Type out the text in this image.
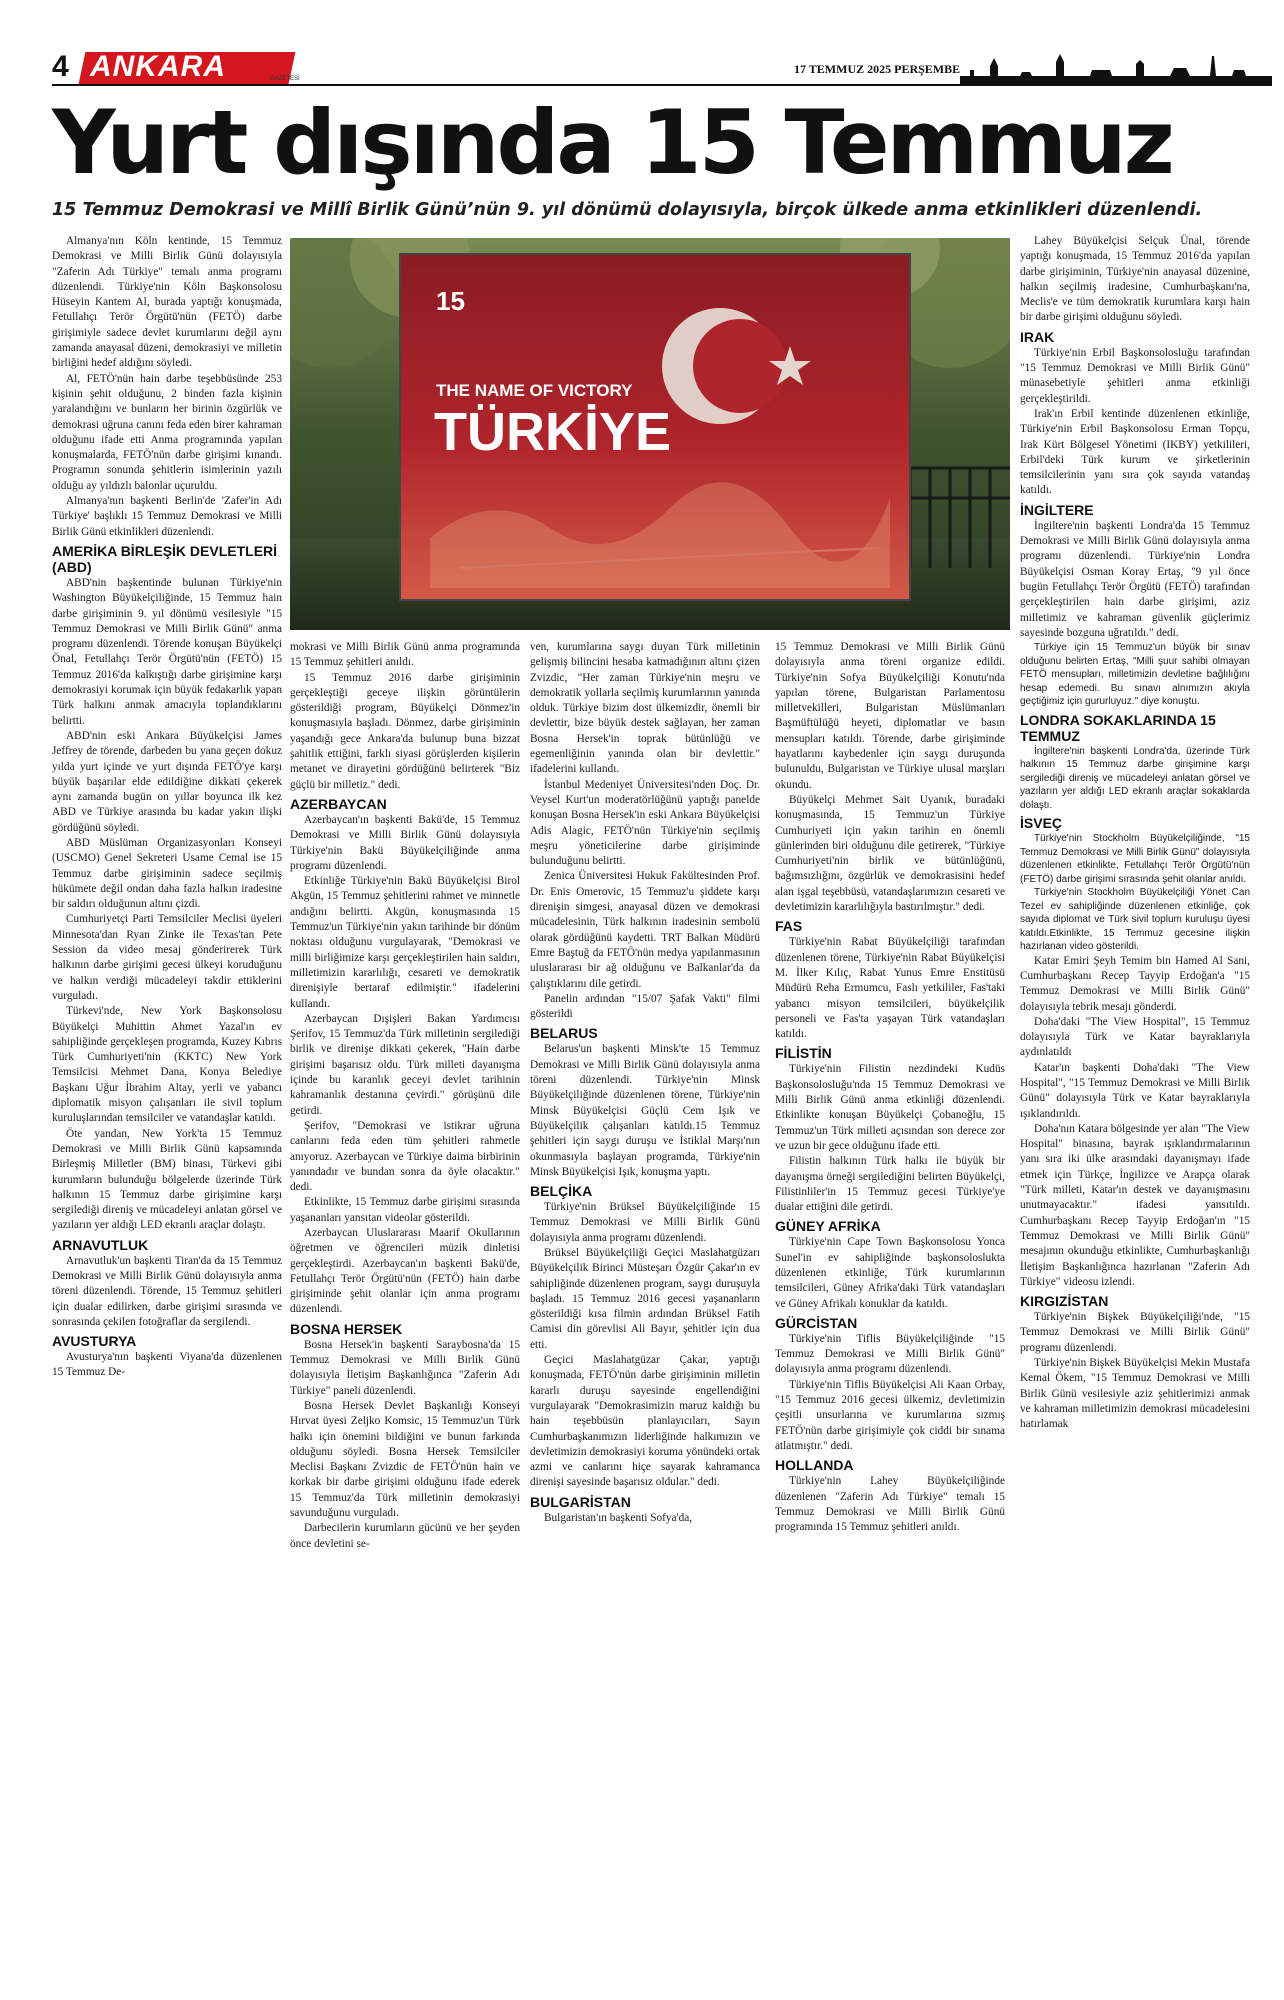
4 ANKARA	GAZETESİ
17 TEMMUZ 2025 PERŞEMBE
Yurt dışında 15 Temmuz
15 Temmuz Demokrasi ve Millî Birlik Günü’nün 9. yıl dönümü dolayısıyla, birçok ülkede anma etkinlikleri düzenlendi.
15
THE NAME OF VICTORY
TÜRKİYE

Almanya'nın Köln kentinde, 15 Temmuz Demokrasi ve Milli Birlik Günü dolayısıyla "Zaferin Adı Türkiye" temalı anma programı düzenlendi. Türkiye'nin Köln Başkonsolosu Hüseyin Kantem Al, burada yaptığı konuşmada, Fetullahçı Terör Örgütü'nün (FETÖ) darbe girişimiyle sadece devlet kurumlarını değil aynı zamanda anayasal düzeni, demokrasiyi ve milletin birliğini hedef aldığını söyledi.

Al, FETÖ'nün hain darbe teşebbüsünde 253 kişinin şehit olduğunu, 2 binden fazla kişinin yaralandığını ve bunların her birinin özgürlük ve demokrasi uğruna canını feda eden birer kahraman olduğunu ifade etti Anma programında yapılan konuşmalarda, FETÖ'nün darbe girişimi kınandı. Programın sonunda şehitlerin isimlerinin yazılı olduğu ay yıldızlı balonlar uçuruldu.

Almanya'nın başkenti Berlin'de 'Zafer'in Adı Türkiye' başlıklı 15 Temmuz Demokrasi ve Milli Birlik Günü etkinlikleri düzenlendi.

AMERİKA BİRLEŞİK DEVLETLERİ (ABD)

ABD'nin başkentinde bulunan Türkiye'nin Washington Büyükelçiliğinde, 15 Temmuz hain darbe girişiminin 9. yıl dönümü vesilesiyle "15 Temmuz Demokrasi ve Milli Birlik Günü" anma programı düzenlendi. Törende konuşan Büyükelçi Önal, Fetullahçı Terör Örgütü'nün (FETÖ) 15 Temmuz 2016'da kalkıştığı darbe girişimine karşı demokrasiyi korumak için büyük fedakarlık yapan Türk halkını anmak amacıyla toplandıklarını belirtti.

ABD'nin eski Ankara Büyükelçisi James Jeffrey de törende, darbeden bu yana geçen dokuz yılda yurt içinde ve yurt dışında FETÖ'ye karşı büyük başarılar elde edildiğine dikkati çekerek aynı zamanda bugün on yıllar boyunca ilk kez ABD ve Türkiye arasında bu kadar yakın ilişki gördüğünü söyledi.

ABD Müslüman Organizasyonları Konseyi (USCMO) Genel Sekreteri Usame Cemal ise 15 Temmuz darbe girişiminin sadece seçilmiş hükümete değil ondan daha fazla halkın iradesine bir saldırı olduğunun altını çizdi.

Cumhuriyetçi Parti Temsilciler Meclisi üyeleri Minnesota'dan Ryan Zinke ile Texas'tan Pete Session da video mesaj gönderirerek Türk halkının darbe girişimi gecesi ülkeyi koruduğunu ve halkın verdiği mücadeleyi takdir ettiklerini vurguladı.

Türkevi'nde, New York Başkonsolosu Büyükelçi Muhittin Ahmet Yazal'ın ev sahipliğinde gerçekleşen programda, Kuzey Kıbrıs Türk Cumhuriyeti'nin (KKTC) New York Temsilcisi Mehmet Dana, Konya Belediye Başkanı Uğur İbrahim Altay, yerli ve yabancı diplomatik misyon çalışanları ile sivil toplum kuruluşlarından temsilciler ve vatandaşlar katıldı.

Öte yandan, New York'ta 15 Temmuz Demokrasi ve Milli Birlik Günü kapsamında Birleşmiş Milletler (BM) binası, Türkevi gibi kurumların bulunduğu bölgelerde üzerinde Türk halkının 15 Temmuz darbe girişimine karşı sergilediği direniş ve mücadeleyi anlatan görsel ve yazıların yer aldığı LED ekranlı araçlar dolaştı.

ARNAVUTLUK

Arnavutluk'un başkenti Tiran'da da 15 Temmuz Demokrasi ve Milli Birlik Günü dolayısıyla anma töreni düzenlendi. Törende, 15 Temmuz şehitleri için dualar edilirken, darbe girişimi sırasında ve sonrasında çekilen fotoğraflar da sergilendi.

AVUSTURYA

Avusturya'nın başkenti Viyana'da düzenlenen 15 Temmuz De-

mokrasi ve Milli Birlik Günü anma programında 15 Temmuz şehitleri anıldı.

15 Temmuz 2016 darbe girişiminin gerçekleştiği geceye ilişkin görüntülerin gösterildiği program, Büyükelçi Dönmez'in konuşmasıyla başladı. Dönmez, darbe girişiminin yaşandığı gece Ankara'da bulunup buna bizzat şahitlik ettiğini, farklı siyasi görüşlerden kişilerin metanet ve dirayetini gördüğünü belirterek "Biz güçlü bir milletiz." dedi.

AZERBAYCAN

Azerbaycan'ın başkenti Bakü'de, 15 Temmuz Demokrasi ve Milli Birlik Günü dolayısıyla Türkiye'nin Bakü Büyükelçiliğinde anma programı düzenlendi.

Etkinliğe Türkiye'nin Bakü Büyükelçisi Birol Akgün, 15 Temmuz şehitlerini rahmet ve minnetle andığını belirtti. Akgün, konuşmasında 15 Temmuz'un Türkiye'nin yakın tarihinde bir dönüm noktası olduğunu vurgulayarak, "Demokrasi ve milli birliğimize karşı gerçekleştirilen hain saldırı, milletimizin kararlılığı, cesareti ve demokratik direnişiyle bertaraf edilmiştir." ifadelerini kullandı.

Azerbaycan Dışişleri Bakan Yardımcısı Şerifov, 15 Temmuz'da Türk milletinin sergilediği birlik ve direnişe dikkati çekerek, "Hain darbe girişimi başarısız oldu. Türk milleti dayanışma içinde bu karanlık geceyi devlet tarihinin kahramanlık destanına çevirdi." görüşünü dile getirdi.

Şerifov, "Demokrasi ve istikrar uğruna canlarını feda eden tüm şehitleri rahmetle anıyoruz. Azerbaycan ve Türkiye daima birbirinin yanındadır ve bundan sonra da öyle olacaktır." dedi.

Etkinlikte, 15 Temmuz darbe girişimi sırasında yaşananları yansıtan videolar gösterildi.

Azerbaycan Uluslararası Maarif Okullarının öğretmen ve öğrencileri müzik dinletisi gerçekleştirdi. Azerbaycan'ın başkenti Bakü'de, Fetullahçı Terör Örgütü'nün (FETÖ) hain darbe girişiminde şehit olanlar için anma programı düzenlendi.

BOSNA HERSEK

Bosna Hersek'in başkenti Saraybosna'da 15 Temmuz Demokrasi ve Milli Birlik Günü dolayısıyla İletişim Başkanlığınca "Zaferin Adı Türkiye" paneli düzenlendi.

Bosna Hersek Devlet Başkanlığı Konseyi Hırvat üyesi Zeljko Komsic, 15 Temmuz'un Türk halkı için önemini bildiğini ve bunun farkında olduğunu söyledi. Bosna Hersek Temsilciler Meclisi Başkanı Zvizdic de FETÖ'nün hain ve korkak bir darbe girişimi olduğunu ifade ederek 15 Temmuz'da Türk milletinin demokrasiyi savunduğunu vurguladı.

Darbecilerin kurumların gücünü ve her şeyden önce devletini se-

ven, kurumlarına saygı duyan Türk milletinin gelişmiş bilincini hesaba katmadığının altını çizen Zvizdic, "Her zaman Türkiye'nin meşru ve demokratik yollarla seçilmiş kurumlarının yanında olduk. Türkiye bizim dost ülkemizdir, önemli bir devlettir, bize büyük destek sağlayan, her zaman Bosna Hersek'in toprak bütünlüğü ve egemenliğinin yanında olan bir devlettir." ifadelerini kullandı.

İstanbul Medeniyet Üniversitesi'nden Doç. Dr. Veysel Kurt'un moderatörlüğünü yaptığı panelde konuşan Bosna Hersek'in eski Ankara Büyükelçisi Adis Alagic, FETÖ'nün Türkiye'nin seçilmiş meşru yöneticilerine darbe girişiminde bulunduğunu belirtti.

Zenica Üniversitesi Hukuk Fakültesinden Prof. Dr. Enis Omerovic, 15 Temmuz'u şiddete karşı direnişin simgesi, anayasal düzen ve demokrasi mücadelesinin, Türk halkının iradesinin sembolü olarak gördüğünü kaydetti. TRT Balkan Müdürü Emre Baştuğ da FETÖ'nün medya yapılanmasının uluslararası bir ağ olduğunu ve Balkanlar'da da çalıştıklarını dile getirdi.

Panelin ardından "15/07 Şafak Vakti" filmi gösterildi

BELARUS

Belarus'un başkenti Minsk'te 15 Temmuz Demokrasi ve Milli Birlik Günü dolayısıyla anma töreni düzenlendi. Türkiye'nin Minsk Büyükelçiliğinde düzenlenen törene, Türkiye'nin Minsk Büyükelçisi Güçlü Cem Işık ve Büyükelçilik çalışanları katıldı.15 Temmuz şehitleri için saygı duruşu ve İstiklal Marşı'nın okunmasıyla başlayan programda, Türkiye'nin Minsk Büyükelçisi Işık, konuşma yaptı.

BELÇİKA

Türkiye'nin Brüksel Büyükelçiliğinde 15 Temmuz Demokrasi ve Milli Birlik Günü dolayısıyla anma programı düzenlendi.

Brüksel Büyükelçiliği Geçici Maslahatgüzarı Büyükelçilik Birinci Müsteşarı Özgür Çakar'ın ev sahipliğinde düzenlenen program, saygı duruşuyla başladı. 15 Temmuz 2016 gecesi yaşananların gösterildiği kısa filmin ardından Brüksel Fatih Camisi din görevlisi Ali Bayır, şehitler için dua etti.

Geçici Maslahatgüzar Çakar, yaptığı konuşmada, FETÖ'nün darbe girişiminin milletin kararlı duruşu sayesinde engellendiğini vurgulayarak "Demokrasimizin maruz kaldığı bu hain teşebbüsün planlayıcıları, Sayın Cumhurbaşkanımızın liderliğinde halkımızın ve devletimizin demokrasiyi koruma yönündeki ortak azmi ve canlarını hiçe sayarak kahramanca direnişi sayesinde başarısız oldular." dedi.

BULGARİSTAN

Bulgaristan'ın başkenti Sofya'da,

15 Temmuz Demokrasi ve Milli Birlik Günü dolayısıyla anma töreni organize edildi. Türkiye'nin Sofya Büyükelçiliği Konutu'nda yapılan törene, Bulgaristan Parlamentosu milletvekilleri, Bulgaristan Müslümanları Başmüftülüğü heyeti, diplomatlar ve basın mensupları katıldı. Törende, darbe girişiminde hayatlarını kaybedenler için saygı duruşunda bulunuldu, Bulgaristan ve Türkiye ulusal marşları okundu.

Büyükelçi Mehmet Sait Uyanık, buradaki konuşmasında, 15 Temmuz'un Türkiye Cumhuriyeti için yakın tarihin en önemli günlerinden biri olduğunu dile getirerek, "Türkiye Cumhuriyeti'nin birlik ve bütünlüğünü, bağımsızlığını, özgürlük ve demokrasisini hedef alan işgal teşebbüsü, vatandaşlarımızın cesareti ve devletimizin kararlılığıyla bastırılmıştır." dedi.

FAS

Türkiye'nin Rabat Büyükelçiliği tarafından düzenlenen törene, Türkiye'nin Rabat Büyükelçisi M. İlker Kılıç, Rabat Yunus Emre Enstitüsü Müdürü Reha Ermumcu, Faslı yetkililer, Fas'taki yabancı misyon temsilcileri, büyükelçilik personeli ve Fas'ta yaşayan Türk vatandaşları katıldı.

FİLİSTİN

Türkiye'nin Filistin nezdindeki Kudüs Başkonsolosluğu'nda 15 Temmuz Demokrasi ve Milli Birlik Günü anma etkinliği düzenlendi. Etkinlikte konuşan Büyükelçi Çobanoğlu, 15 Temmuz'un Türk milleti açısından son derece zor ve uzun bir gece olduğunu ifade etti.

Filistin halkının Türk halkı ile büyük bir dayanışma örneği sergilediğini belirten Büyükelçi, Filistinliler'in 15 Temmuz gecesi Türkiye'ye dualar ettiğini dile getirdi.

GÜNEY AFRİKA

Türkiye'nin Cape Town Başkonsolosu Yonca Sunel'in ev sahipliğinde başkonsoloslukta düzenlenen etkinliğe, Türk kurumlarının temsilcileri, Güney Afrika'daki Türk vatandaşları ve Güney Afrikalı konuklar da katıldı.

GÜRCİSTAN

Türkiye'nin Tiflis Büyükelçiliğinde "15 Temmuz Demokrasi ve Milli Birlik Günü" dolayısıyla anma programı düzenlendi.

Türkiye'nin Tiflis Büyükelçisi Ali Kaan Orbay, "15 Temmuz 2016 gecesi ülkemiz, devletimizin çeşitli unsurlarına ve kurumlarına sızmış FETÖ'nün darbe girişimiyle çok ciddi bir sınama atlatmıştır." dedi.

HOLLANDA

Türkiye'nin Lahey Büyükelçiliğinde düzenlenen "Zaferin Adı Türkiye" temalı 15 Temmuz Demokrasi ve Milli Birlik Günü programında 15 Temmuz şehitleri anıldı.

Lahey Büyükelçisi Selçuk Ünal, törende yaptığı konuşmada, 15 Temmuz 2016'da yapılan darbe girişiminin, Türkiye'nin anayasal düzenine, halkın seçilmiş iradesine, Cumhurbaşkanı'na, Meclis'e ve tüm demokratik kurumlara karşı hain bir darbe girişimi olduğunu söyledi.

IRAK

Türkiye'nin Erbil Başkonsolosluğu tarafından "15 Temmuz Demokrasi ve Milli Birlik Günü" münasebetiyle şehitleri anma etkinliği gerçekleştirildi.

Irak'ın Erbil kentinde düzenlenen etkinliğe, Türkiye'nin Erbil Başkonsolosu Erman Topçu, Irak Kürt Bölgesel Yönetimi (IKBY) yetkilileri, Erbil'deki Türk kurum ve şirketlerinin temsilcilerinin yanı sıra çok sayıda vatandaş katıldı.

İNGİLTERE

İngiltere'nin başkenti Londra'da 15 Temmuz Demokrasi ve Milli Birlik Günü dolayısıyla anma programı düzenlendi. Türkiye'nin Londra Büyükelçisi Osman Koray Ertaş, "9 yıl önce bugün Fetullahçı Terör Örgütü (FETÖ) tarafından gerçekleştirilen hain darbe girişimi, aziz milletimiz ve kahraman güvenlik güçlerimiz sayesinde bozguna uğratıldı." dedi.

Türkiye için 15 Temmuz'un büyük bir sınav olduğunu belirten Ertaş, "Milli şuur sahibi olmayan FETÖ mensupları, milletimizin devletine bağlılığını hesap edemedi. Bu sınavı alnımızın akıyla geçtiğimiz için gururluyuz." diye konuştu.

LONDRA SOKAKLARINDA 15 TEMMUZ

İngiltere'nin başkenti Londra'da, üzerinde Türk halkının 15 Temmuz darbe girişimine karşı sergilediği direniş ve mücadeleyi anlatan görsel ve yazıların yer aldığı LED ekranlı araçlar sokaklarda dolaştı.

İSVEÇ

Türkiye'nin Stockholm Büyükelçiliğinde, "15 Temmuz Demokrasi ve Milli Birlik Günü" dolayısıyla düzenlenen etkinlikte, Fetullahçı Terör Örgütü'nün (FETÖ) darbe girişimi sırasında şehit olanlar anıldı.

Türkiye'nin Stockholm Büyükelçiliği Yönet Can Tezel ev sahipliğinde düzenlenen etkinliğe, çok sayıda diplomat ve Türk sivil toplum kuruluşu üyesi katıldı.Etkinlikte, 15 Temmuz gecesine ilişkin hazırlanan video gösterildi.

Katar Emiri Şeyh Temim bin Hamed Al Sani, Cumhurbaşkanı Recep Tayyip Erdoğan'a "15 Temmuz Demokrasi ve Milli Birlik Günü" dolayısıyla tebrik mesajı gönderdi.

Doha'daki "The View Hospital", 15 Temmuz dolayısıyla Türk ve Katar bayraklarıyla aydınlatıldı

Katar'ın başkenti Doha'daki "The View Hospital", "15 Temmuz Demokrasi ve Milli Birlik Günü" dolayısıyla Türk ve Katar bayraklarıyla ışıklandırıldı.

Doha'nın Katara bölgesinde yer alan "The View Hospital" binasına, bayrak ışıklandırmalarının yanı sıra iki ülke arasındaki dayanışmayı ifade etmek için Türkçe, İngilizce ve Arapça olarak "Türk milleti, Katar'ın destek ve dayanışmasını unutmayacaktır." ifadesi yansıtıldı. Cumhurbaşkanı Recep Tayyip Erdoğan'ın "15 Temmuz Demokrasi ve Milli Birlik Günü" mesajının okunduğu etkinlikte, Cumhurbaşkanlığı İletişim Başkanlığınca hazırlanan "Zaferin Adı Türkiye" videosu izlendi.

KIRGIZİSTAN

Türkiye'nin Bişkek Büyükelçiliği'nde, "15 Temmuz Demokrasi ve Milli Birlik Günü" programı düzenlendi.

Türkiye'nin Bişkek Büyükelçisi Mekin Mustafa Kemal Ökem, "15 Temmuz Demokrasi ve Milli Birlik Günü vesilesiyle aziz şehitlerimizi anmak ve kahraman milletimizin demokrasi mücadelesini hatırlamak
